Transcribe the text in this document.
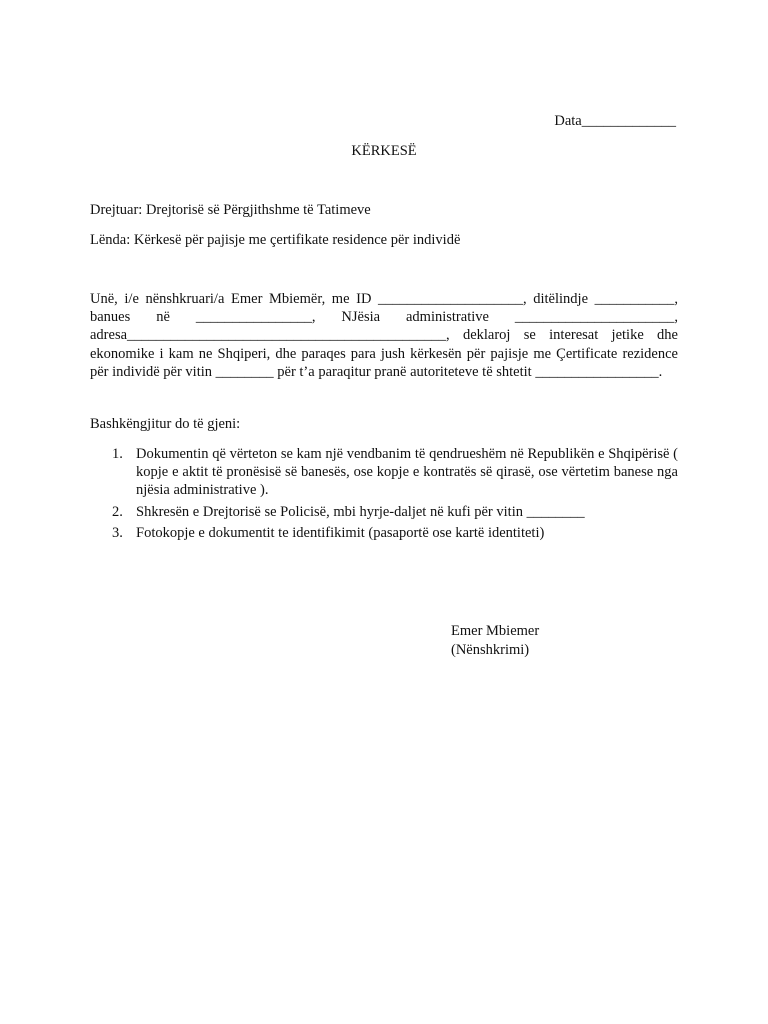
Data_____________
KËRKESË
Drejtuar: Drejtorisë së Përgjithshme të Tatimeve
Lënda: Kërkesë për pajisje me çertifikate residence për individë

Unë, i/e nënshkruari/a Emer Mbiemër, me ID ____________________, ditëlindje ___________, banues në ________________, NJësia administrative ______________________, adresa____________________________________________, deklaroj se interesat jetike dhe ekonomike i kam ne Shqiperi, dhe paraqes para jush kërkesën për pajisje me Çertificate rezidence për individë për vitin ________ për t’a paraqitur pranë autoriteteve të shtetit _________________.

Bashkëngjitur do të gjeni:
1. Dokumentin që vërteton se kam një vendbanim të qendrueshëm në Republikën e Shqipërisë ( kopje e aktit të pronësisë së banesës, ose kopje e kontratës së qirasë, ose vërtetim banese nga njësia administrative ).
2. Shkresën e Drejtorisë se Policisë, mbi hyrje-daljet në kufi për vitin ________
3. Fotokopje e dokumentit te identifikimit (pasaportë ose kartë identiteti)
Emer Mbiemer
(Nënshkrimi)
